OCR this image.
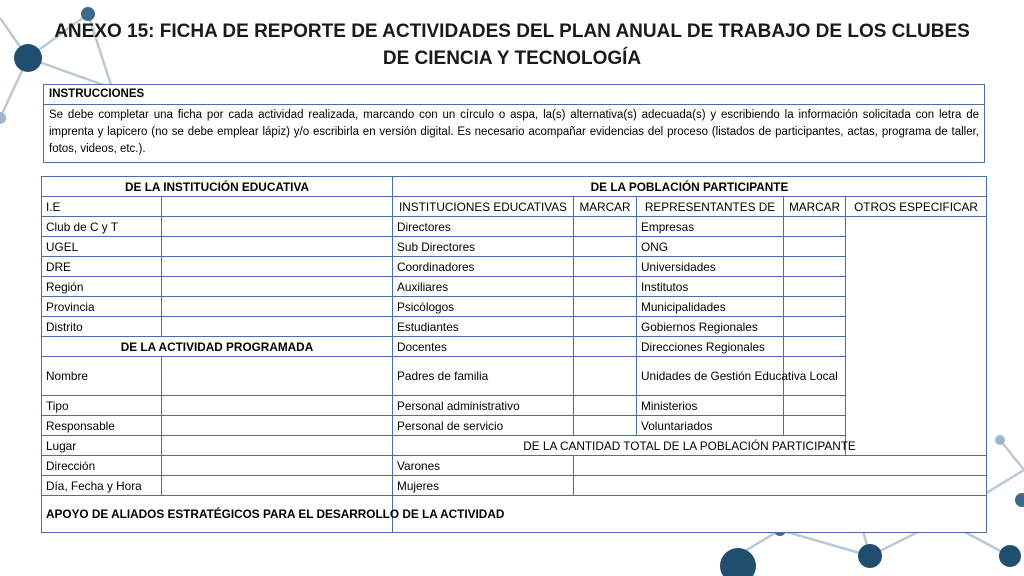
ANEXO 15: FICHA DE REPORTE DE ACTIVIDADES DEL PLAN ANUAL DE TRABAJO DE LOS CLUBES DE CIENCIA Y TECNOLOGÍA
INSTRUCCIONES
Se debe completar una ficha por cada actividad realizada, marcando con un círculo o aspa, la(s) alternativa(s) adecuada(s) y escribiendo la información solicitada con letra de imprenta y lapicero (no se debe emplear lápiz) y/o escribirla en versión digital. Es necesario acompañar evidencias del proceso (listados de participantes, actas, programa de taller, fotos, videos, etc.).
DE LA INSTITUCIÓN EDUCATIVA		DE LA POBLACIÓN PARTICIPANTE				
I.E		INSTITUCIONES EDUCATIVAS	MARCAR	REPRESENTANTES DE	MARCAR	OTROS ESPECIFICAR
Club de C y T		Directores		Empresas		
UGEL		Sub Directores		ONG		
DRE		Coordinadores		Universidades		
Región		Auxiliares		Institutos		
Provincia		Psicólogos		Municipalidades		
Distrito		Estudiantes		Gobiernos Regionales		
DE LA ACTIVIDAD PROGRAMADA		Docentes		Direcciones Regionales		
Nombre		Padres de familia		Unidades de Gestión Educativa Local		
Tipo		Personal administrativo		Ministerios		
Responsable		Personal de servicio		Voluntariados		
Lugar		DE LA CANTIDAD TOTAL DE LA POBLACIÓN PARTICIPANTE				
Dirección		Varones				
Día, Fecha y Hora		Mujeres				
APOYO DE ALIADOS ESTRATÉGICOS PARA EL DESARROLLO DE LA ACTIVIDAD						
